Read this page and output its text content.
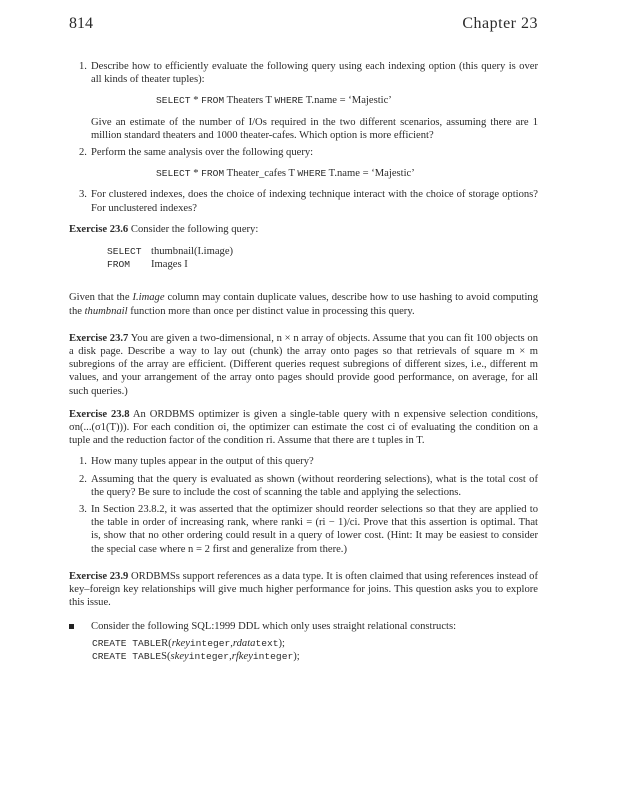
814	Chapter 23
1. Describe how to efficiently evaluate the following query using each indexing option (this query is over all kinds of theater tuples):

SELECT * FROM Theaters T WHERE T.name = ‘Majestic’

Give an estimate of the number of I/Os required in the two different scenarios, assuming there are 1 million standard theaters and 1000 theater-cafes. Which option is more efficient?

2. Perform the same analysis over the following query:

SELECT * FROM Theater_cafes T WHERE T.name = ‘Majestic’
3. For clustered indexes, does the choice of indexing technique interact with the choice of storage options? For unclustered indexes?

Exercise 23.6 Consider the following query:

SELECT thumbnail(I.image)
FROM	Images I

Given that the I.image column may contain duplicate values, describe how to use hashing to avoid computing the thumbnail function more than once per distinct value in processing this query.

Exercise 23.7 You are given a two-dimensional, n × n array of objects. Assume that you can fit 100 objects on a disk page. Describe a way to lay out (chunk) the array onto pages so that retrievals of square m × m subregions of the array are efficient. (Different queries request subregions of different sizes, i.e., different m values, and your arrangement of the array onto pages should provide good performance, on average, for all such queries.)

Exercise 23.8 An ORDBMS optimizer is given a single-table query with n expensive selection conditions, σn(...(σ1(T))). For each condition σi, the optimizer can estimate the cost ci of evaluating the condition on a tuple and the reduction factor of the condition ri. Assume that there are t tuples in T.

1. How many tuples appear in the output of this query?

2. Assuming that the query is evaluated as shown (without reordering selections), what is the total cost of the query? Be sure to include the cost of scanning the table and applying the selections.

3. In Section 23.8.2, it was asserted that the optimizer should reorder selections so that they are applied to the table in order of increasing rank, where ranki = (ri − 1)/ci. Prove that this assertion is optimal. That is, show that no other ordering could result in a query of lower cost. (Hint: It may be easiest to consider the special case where n = 2 first and generalize from there.)

Exercise 23.9 ORDBMSs support references as a data type. It is often claimed that using references instead of key–foreign key relationships will give much higher performance for joins. This question asks you to explore this issue.

Consider the following SQL:1999 DDL which only uses straight relational constructs:

CREATE TABLE R( rkey integer , rdata text );
CREATE TABLE S( skey integer , rfkey integer );
